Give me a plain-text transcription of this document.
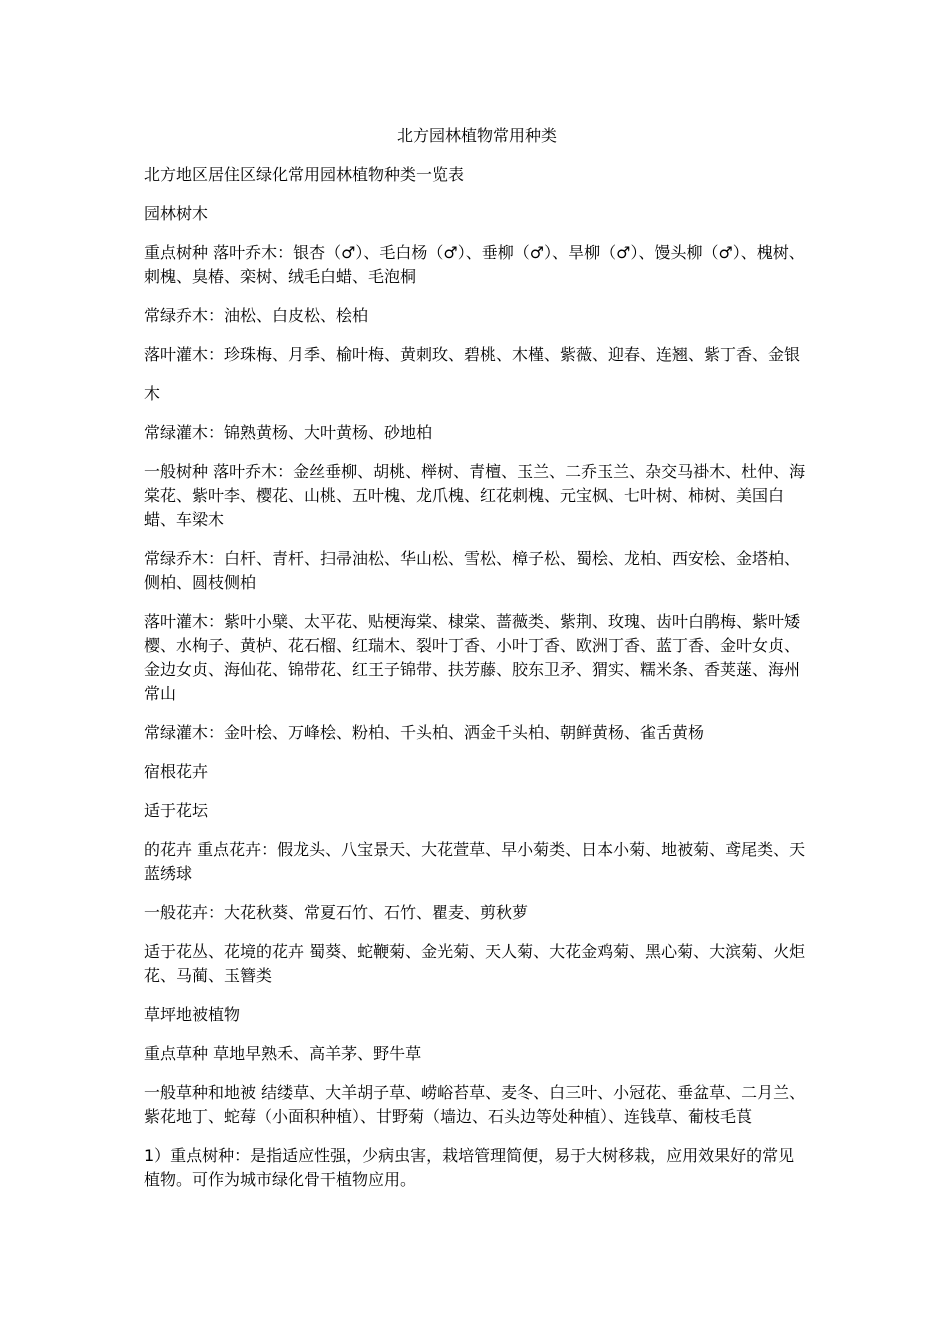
北方园林植物常用种类
北方地区居住区绿化常用园林植物种类一览表
园林树木
重点树种 落叶乔木：银杏（♂）、毛白杨（♂）、垂柳（♂）、旱柳（♂）、馒头柳（♂）、槐树、刺槐、臭椿、栾树、绒毛白蜡、毛泡桐
常绿乔木：油松、白皮松、桧柏
落叶灌木：珍珠梅、月季、榆叶梅、黄刺玫、碧桃、木槿、紫薇、迎春、连翘、紫丁香、金银
木
常绿灌木：锦熟黄杨、大叶黄杨、砂地柏
一般树种 落叶乔木：金丝垂柳、胡桃、榉树、青檀、玉兰、二乔玉兰、杂交马褂木、杜仲、海棠花、紫叶李、樱花、山桃、五叶槐、龙爪槐、红花刺槐、元宝枫、七叶树、柿树、美国白蜡、车梁木
常绿乔木：白杆、青杆、扫帚油松、华山松、雪松、樟子松、蜀桧、龙柏、西安桧、金塔柏、侧柏、圆枝侧柏
落叶灌木：紫叶小檗、太平花、贴梗海棠、棣棠、蔷薇类、紫荆、玫瑰、齿叶白鹃梅、紫叶矮樱、水栒子、黄栌、花石榴、红瑞木、裂叶丁香、小叶丁香、欧洲丁香、蓝丁香、金叶女贞、金边女贞、海仙花、锦带花、红王子锦带、扶芳藤、胶东卫矛、猬实、糯米条、香荚蒾、海州常山
常绿灌木：金叶桧、万峰桧、粉柏、千头柏、洒金千头柏、朝鲜黄杨、雀舌黄杨
宿根花卉
适于花坛
的花卉 重点花卉：假龙头、八宝景天、大花萱草、早小菊类、日本小菊、地被菊、鸢尾类、天蓝绣球
一般花卉：大花秋葵、常夏石竹、石竹、瞿麦、剪秋萝
适于花丛、花境的花卉 蜀葵、蛇鞭菊、金光菊、天人菊、大花金鸡菊、黑心菊、大滨菊、火炬花、马蔺、玉簪类
草坪地被植物
重点草种 草地早熟禾、高羊茅、野牛草
一般草种和地被 结缕草、大羊胡子草、崂峪苔草、麦冬、白三叶、小冠花、垂盆草、二月兰、紫花地丁、蛇莓（小面积种植）、甘野菊（墙边、石头边等处种植）、连钱草、葡枝毛茛
1）重点树种：是指适应性强，少病虫害，栽培管理简便，易于大树移栽，应用效果好的常见植物。可作为城市绿化骨干植物应用。
